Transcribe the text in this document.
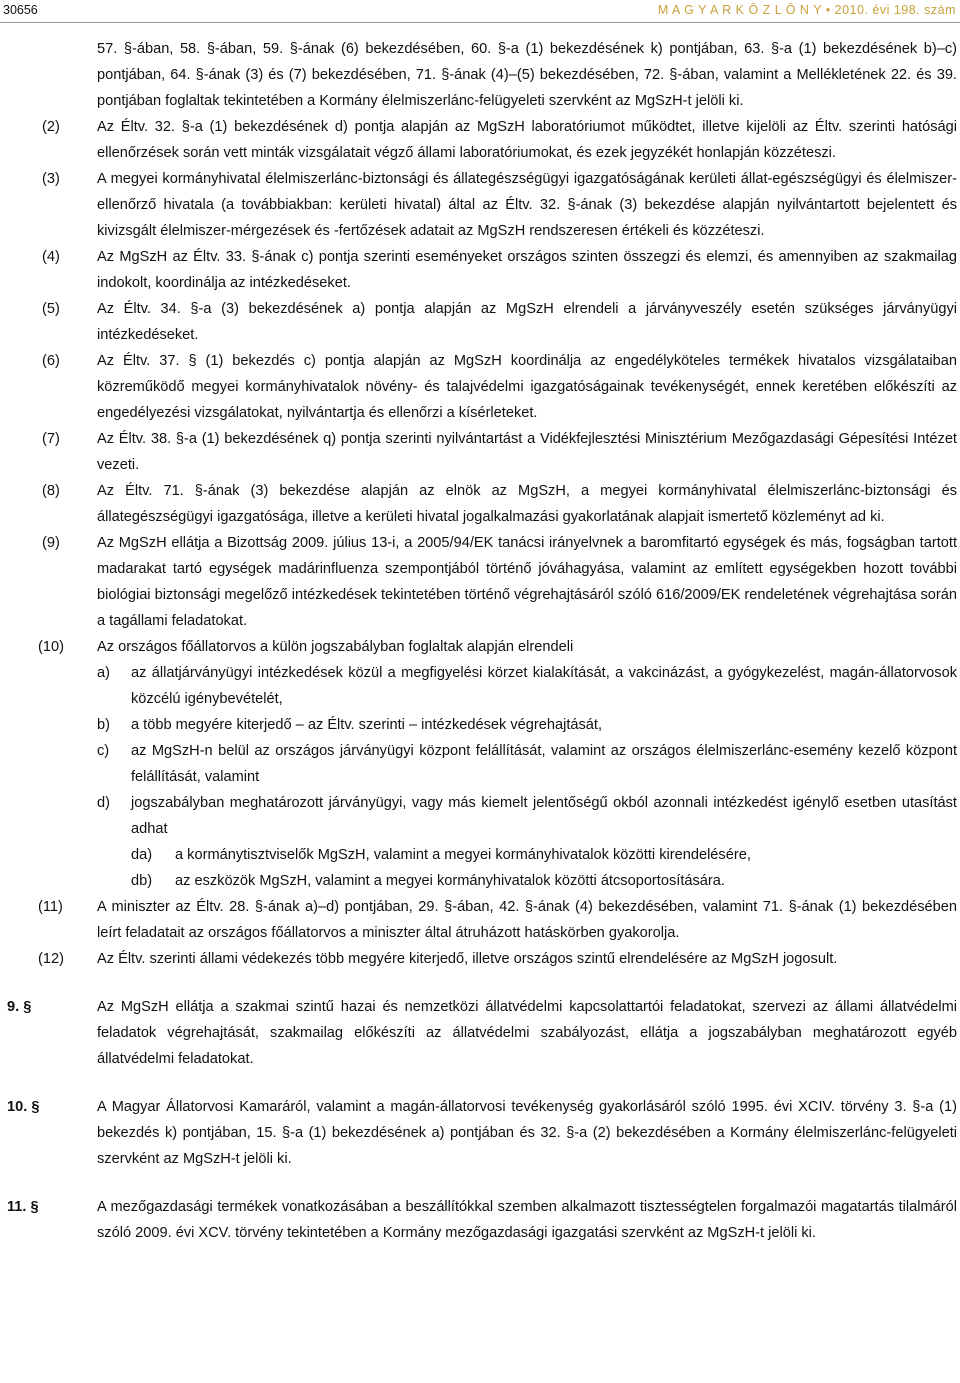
30656	M A G Y A R K Ö Z L Ö N Y • 2010. évi 198. szám
57. §-ában, 58. §-ában, 59. §-ának (6) bekezdésében, 60. §-a (1) bekezdésének k) pontjában, 63. §-a (1) bekezdésének b)–c) pontjában, 64. §-ának (3) és (7) bekezdésében, 71. §-ának (4)–(5) bekezdésében, 72. §-ában, valamint a Mellékletének 22. és 39. pontjában foglaltak tekintetében a Kormány élelmiszerlánc-felügyeleti szervként az MgSzH-t jelöli ki.
(2)	Az Éltv. 32. §-a (1) bekezdésének d) pontja alapján az MgSzH laboratóriumot működtet, illetve kijelöli az Éltv. szerinti hatósági ellenőrzések során vett minták vizsgálatait végző állami laboratóriumokat, és ezek jegyzékét honlapján közzéteszi.
(3)	A megyei kormányhivatal élelmiszerlánc-biztonsági és állategészségügyi igazgatóságának kerületi állat-egészségügyi és élelmiszer-ellenőrző hivatala (a továbbiakban: kerületi hivatal) által az Éltv. 32. §-ának (3) bekezdése alapján nyilvántartott bejelentett és kivizsgált élelmiszer-mérgezések és -fertőzések adatait az MgSzH rendszeresen értékeli és közzéteszi.
(4)	Az MgSzH az Éltv. 33. §-ának c) pontja szerinti eseményeket országos szinten összegzi és elemzi, és amennyiben az szakmailag indokolt, koordinálja az intézkedéseket.
(5)	Az Éltv. 34. §-a (3) bekezdésének a) pontja alapján az MgSzH elrendeli a járványveszély esetén szükséges járványügyi intézkedéseket.
(6)	Az Éltv. 37. § (1) bekezdés c) pontja alapján az MgSzH koordinálja az engedélyköteles termékek hivatalos vizsgálataiban közreműködő megyei kormányhivatalok növény- és talajvédelmi igazgatóságainak tevékenységét, ennek keretében előkészíti az engedélyezési vizsgálatokat, nyilvántartja és ellenőrzi a kísérleteket.
(7)	Az Éltv. 38. §-a (1) bekezdésének q) pontja szerinti nyilvántartást a Vidékfejlesztési Minisztérium Mezőgazdasági Gépesítési Intézet vezeti.
(8)	Az Éltv. 71. §-ának (3) bekezdése alapján az elnök az MgSzH, a megyei kormányhivatal élelmiszerlánc-biztonsági és állategészségügyi igazgatósága, illetve a kerületi hivatal jogalkalmazási gyakorlatának alapjait ismertető közleményt ad ki.
(9)	Az MgSzH ellátja a Bizottság 2009. július 13-i, a 2005/94/EK tanácsi irányelvnek a baromfitartó egységek és más, fogságban tartott madarakat tartó egységek madárinfluenza szempontjából történő jóváhagyása, valamint az említett egységekben hozott további biológiai biztonsági megelőző intézkedések tekintetében történő végrehajtásáról szóló 616/2009/EK rendeletének végrehajtása során a tagállami feladatokat.
(10)	Az országos főállatorvos a külön jogszabályban foglaltak alapján elrendeli
a) az állatjárványügyi intézkedések közül a megfigyelési körzet kialakítását, a vakcinázást, a gyógykezelést, magán-állatorvosok közcélú igénybevételét,
b) a több megyére kiterjedő – az Éltv. szerinti – intézkedések végrehajtását,
c) az MgSzH-n belül az országos járványügyi központ felállítását, valamint az országos élelmiszerlánc-esemény kezelő központ felállítását, valamint
d) jogszabályban meghatározott járványügyi, vagy más kiemelt jelentőségű okból azonnali intézkedést igénylő esetben utasítást adhat
da) a kormánytisztviselők MgSzH, valamint a megyei kormányhivatalok közötti kirendelésére,
db) az eszközök MgSzH, valamint a megyei kormányhivatalok közötti átcsoportosítására.
(11)	A miniszter az Éltv. 28. §-ának a)–d) pontjában, 29. §-ában, 42. §-ának (4) bekezdésében, valamint 71. §-ának (1) bekezdésében leírt feladatait az országos főállatorvos a miniszter által átruházott hatáskörben gyakorolja.
(12)	Az Éltv. szerinti állami védekezés több megyére kiterjedő, illetve országos szintű elrendelésére az MgSzH jogosult.
9. §	Az MgSzH ellátja a szakmai szintű hazai és nemzetközi állatvédelmi kapcsolattartói feladatokat, szervezi az állami állatvédelmi feladatok végrehajtását, szakmailag előkészíti az állatvédelmi szabályozást, ellátja a jogszabályban meghatározott egyéb állatvédelmi feladatokat.
10. §	A Magyar Állatorvosi Kamaráról, valamint a magán-állatorvosi tevékenység gyakorlásáról szóló 1995. évi XCIV. törvény 3. §-a (1) bekezdés k) pontjában, 15. §-a (1) bekezdésének a) pontjában és 32. §-a (2) bekezdésében a Kormány élelmiszerlánc-felügyeleti szervként az MgSzH-t jelöli ki.
11. §	A mezőgazdasági termékek vonatkozásában a beszállítókkal szemben alkalmazott tisztességtelen forgalmazói magatartás tilalmáról szóló 2009. évi XCV. törvény tekintetében a Kormány mezőgazdasági igazgatási szervként az MgSzH-t jelöli ki.
